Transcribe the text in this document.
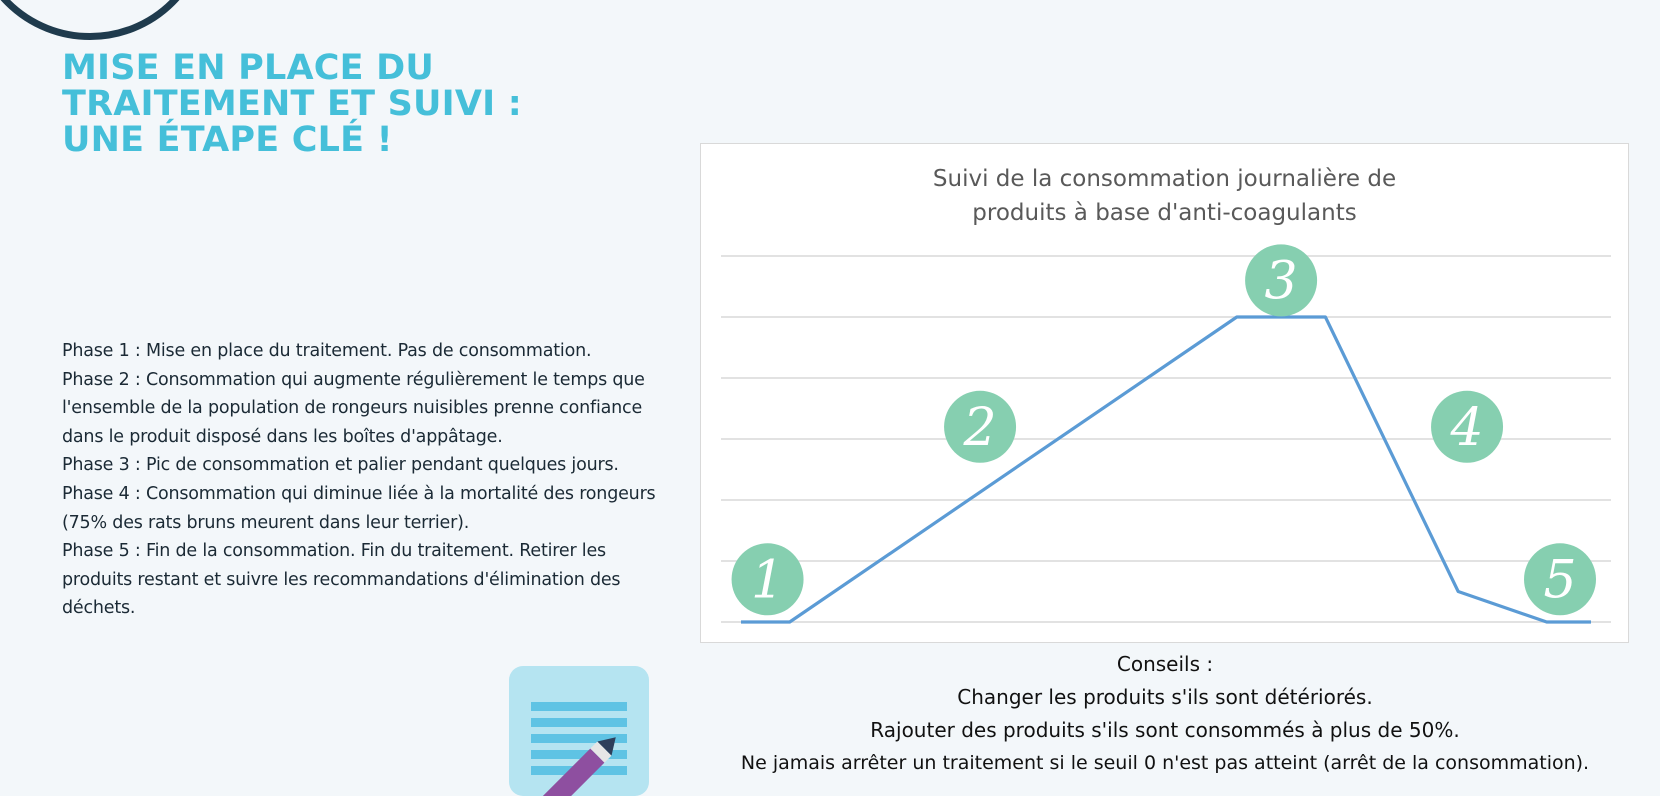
MISE EN PLACE DU
TRAITEMENT ET SUIVI :
UNE ÉTAPE CLÉ !

Phase 1 : Mise en place du traitement. Pas de consommation.

Phase 2 : Consommation qui augmente régulièrement le temps que l'ensemble de la population de rongeurs nuisibles prenne confiance dans le produit disposé dans les boîtes d'appâtage.

Phase 3 : Pic de consommation et palier pendant quelques jours.

Phase 4 : Consommation qui diminue liée à la mortalité des rongeurs (75% des rats bruns meurent dans leur terrier).

Phase 5 : Fin de la consommation. Fin du traitement. Retirer les produits restant et suivre les recommandations d'élimination des déchets.

Suivi de la consommation journalière de
produits à base d'anti-coagulants
1
2
3
4
5

Conseils :

Changer les produits s'ils sont détériorés.

Rajouter des produits s'ils sont consommés à plus de 50%.

Ne jamais arrêter un traitement si le seuil 0 n'est pas atteint (arrêt de la consommation).
